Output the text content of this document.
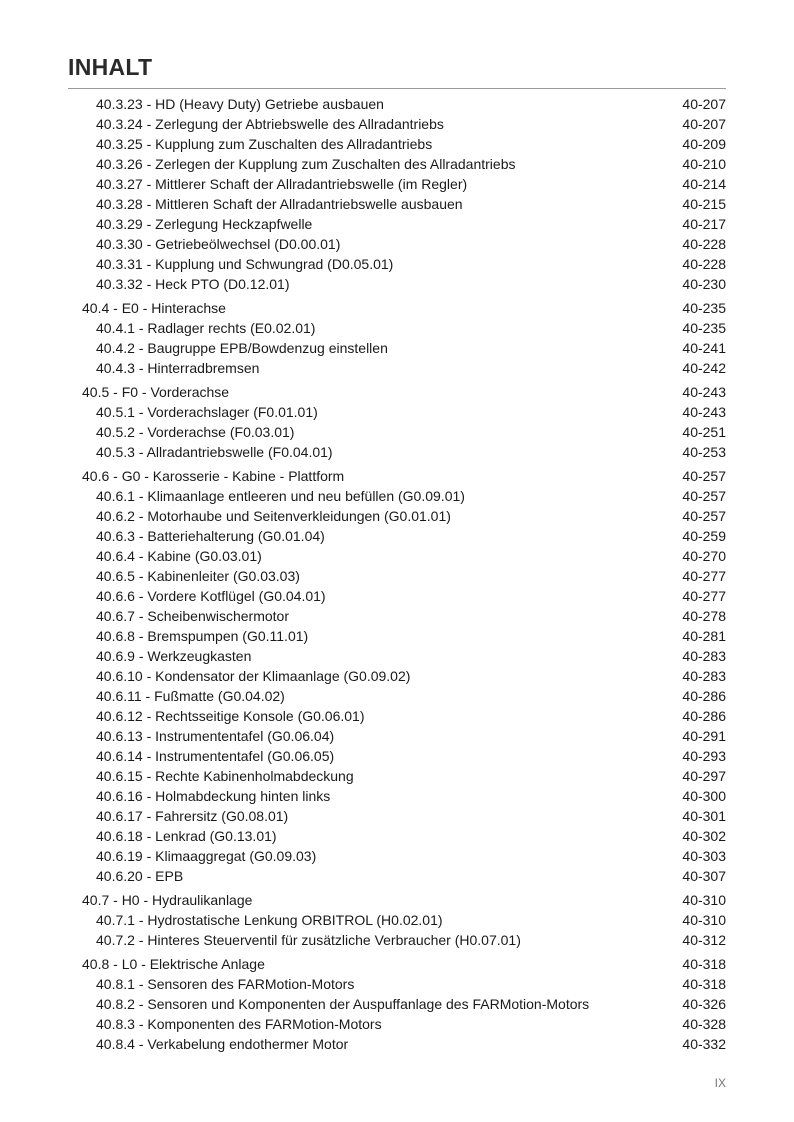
INHALT
40.3.23 - HD (Heavy Duty) Getriebe ausbauen	40-207
40.3.24 - Zerlegung der Abtriebswelle des Allradantriebs	40-207
40.3.25 - Kupplung zum Zuschalten des Allradantriebs	40-209
40.3.26 - Zerlegen der Kupplung zum Zuschalten des Allradantriebs	40-210
40.3.27 - Mittlerer Schaft der Allradantriebswelle (im Regler)	40-214
40.3.28 - Mittleren Schaft der Allradantriebswelle ausbauen	40-215
40.3.29 - Zerlegung Heckzapfwelle	40-217
40.3.30 - Getriebeölwechsel (D0.00.01)	40-228
40.3.31 - Kupplung und Schwungrad (D0.05.01)	40-228
40.3.32 - Heck PTO (D0.12.01)	40-230
40.4 - E0 - Hinterachse	40-235
40.4.1 - Radlager rechts (E0.02.01)	40-235
40.4.2 - Baugruppe EPB/Bowdenzug einstellen	40-241
40.4.3 - Hinterradbremsen	40-242
40.5 - F0 - Vorderachse	40-243
40.5.1 - Vorderachslager (F0.01.01)	40-243
40.5.2 - Vorderachse (F0.03.01)	40-251
40.5.3 - Allradantriebswelle (F0.04.01)	40-253
40.6 - G0 - Karosserie - Kabine - Plattform	40-257
40.6.1 - Klimaanlage entleeren und neu befüllen (G0.09.01)	40-257
40.6.2 - Motorhaube und Seitenverkleidungen (G0.01.01)	40-257
40.6.3 - Batteriehalterung (G0.01.04)	40-259
40.6.4 - Kabine (G0.03.01)	40-270
40.6.5 - Kabinenleiter (G0.03.03)	40-277
40.6.6 - Vordere Kotflügel (G0.04.01)	40-277
40.6.7 - Scheibenwischermotor	40-278
40.6.8 - Bremspumpen (G0.11.01)	40-281
40.6.9 - Werkzeugkasten	40-283
40.6.10 - Kondensator der Klimaanlage (G0.09.02)	40-283
40.6.11 - Fußmatte (G0.04.02)	40-286
40.6.12 - Rechtsseitige Konsole (G0.06.01)	40-286
40.6.13 - Instrumententafel (G0.06.04)	40-291
40.6.14 - Instrumententafel (G0.06.05)	40-293
40.6.15 - Rechte Kabinenholmabdeckung	40-297
40.6.16 - Holmabdeckung hinten links	40-300
40.6.17 - Fahrersitz (G0.08.01)	40-301
40.6.18 - Lenkrad (G0.13.01)	40-302
40.6.19 - Klimaaggregat (G0.09.03)	40-303
40.6.20 - EPB	40-307
40.7 - H0 - Hydraulikanlage	40-310
40.7.1 - Hydrostatische Lenkung ORBITROL (H0.02.01)	40-310
40.7.2 - Hinteres Steuerventil für zusätzliche Verbraucher (H0.07.01)	40-312
40.8 - L0 - Elektrische Anlage	40-318
40.8.1 - Sensoren des FARMotion-Motors	40-318
40.8.2 - Sensoren und Komponenten der Auspuffanlage des FARMotion-Motors	40-326
40.8.3 - Komponenten des FARMotion-Motors	40-328
40.8.4 - Verkabelung endothermer Motor	40-332
IX
